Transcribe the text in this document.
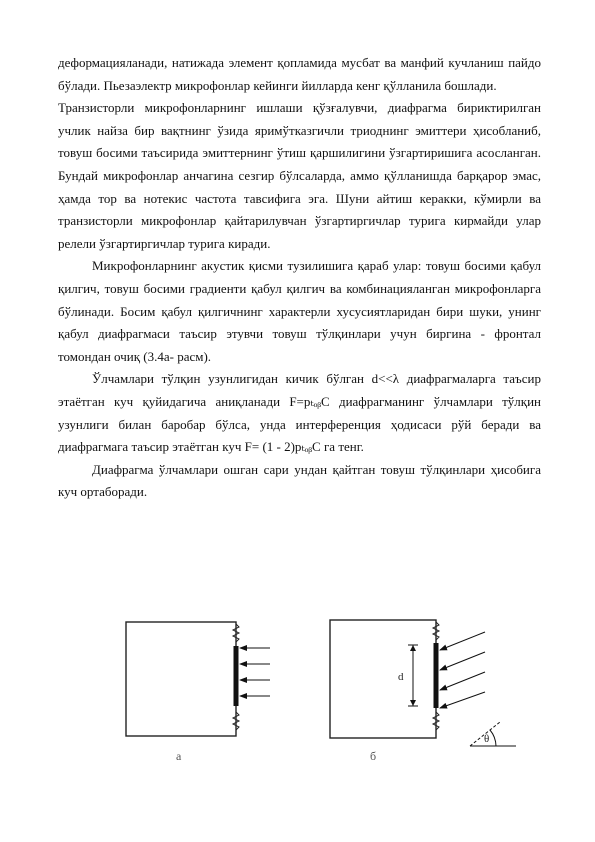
деформацияланади, натижада элемент қопламида мусбат ва манфий кучланиш пайдо бўлади. Пьезаэлектр микрофонлар кейинги йилларда кенг қўлланила бошлади.

Транзисторли микрофонларнинг ишлаши қўзғалувчи, диафрагма бириктирилган учлик найза бир вақтнинг ўзида яримўтказгичли триоднинг эмиттери ҳисобланиб, товуш босими таъсирида эмиттернинг ўтиш қаршилигини ўзгартиришига асосланган. Бундай микрофонлар анчагина сезгир бўлсаларда, аммо қўлланишда барқарор эмас, ҳамда тор ва нотекис частота тавсифига эга. Шуни айтиш керакки, кўмирли ва транзисторли микрофонлар қайтарилувчан ўзгартиргичлар турига кирмайди улар релели ўзгартиргичлар турига киради.

Микрофонларнинг акустик қисми тузилишига қараб улар: товуш босими қабул қилгич, товуш босими градиенти қабул қилгич ва комбинацияланган микрофонларга бўлинади. Босим қабул қилгичнинг характерли хусусиятларидан бири шуки, унинг қабул диафрагмаси таъсир этувчи товуш тўлқинлари учун биргина - фронтал томондан очиқ (3.4а- расм).

Ўлчамлари тўлқин узунлигидан кичик бўлган d<<λ диафрагмаларга таъсир этаётган куч қуйидагича аниқланади F=pₜₒᵦC диафрагманинг ўлчамлари тўлқин узунлиги билан баробар бўлса, унда интерференция ҳодисаси рўй беради ва диафрагмага таъсир этаётган куч F= (1 - 2)pₜₒᵦC га тенг.

Диафрагма ўлчамлари ошган сари ундан қайтган товуш тўлқинлари ҳисобига куч ортаборади.

а
d
θ
б
